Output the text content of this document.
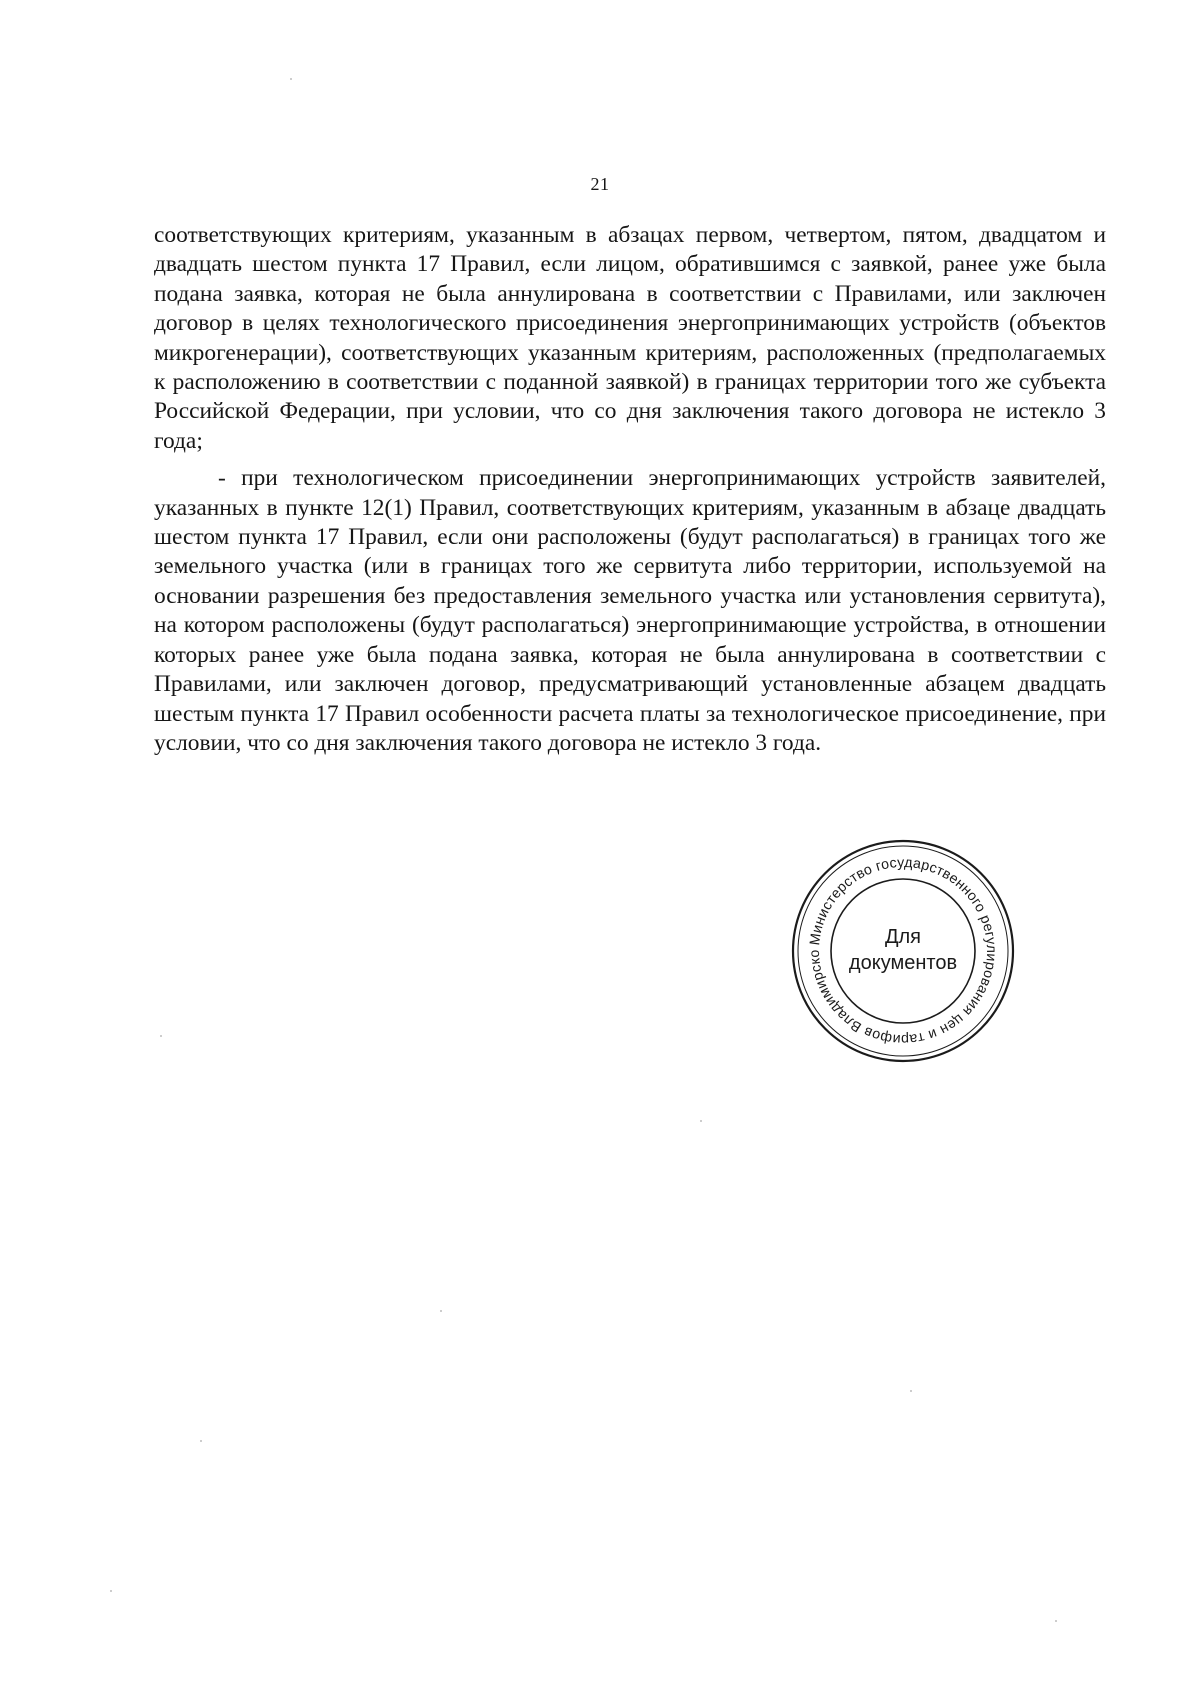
21

соответствующих критериям, указанным в абзацах первом, четвертом, пятом, двадцатом и двадцать шестом пункта 17 Правил, если лицом, обратившимся с заявкой, ранее уже была подана заявка, которая не была аннулирована в соответствии с Правилами, или заключен договор в целях технологического присоединения энергопринимающих устройств (объектов микрогенерации), соответствующих указанным критериям, расположенных (предполагаемых к расположению в соответствии с поданной заявкой) в границах территории того же субъекта Российской Федерации, при условии, что со дня заключения такого договора не истекло 3 года;

- при технологическом присоединении энергопринимающих устройств заявителей, указанных в пункте 12(1) Правил, соответствующих критериям, указанным в абзаце двадцать шестом пункта 17 Правил, если они расположены (будут располагаться) в границах того же земельного участка (или в границах того же сервитута либо территории, используемой на основании разрешения без предоставления земельного участка или установления сервитута), на котором расположены (будут располагаться) энергопринимающие устройства, в отношении которых ранее уже была подана заявка, которая не была аннулирована в соответствии с Правилами, или заключен договор, предусматривающий установленные абзацем двадцать шестым пункта 17 Правил особенности расчета платы за технологическое присоединение, при условии, что со дня заключения такого договора не истекло 3 года.

Министерство государственного регулирования цен и тарифов Владимирско
Для
документов
